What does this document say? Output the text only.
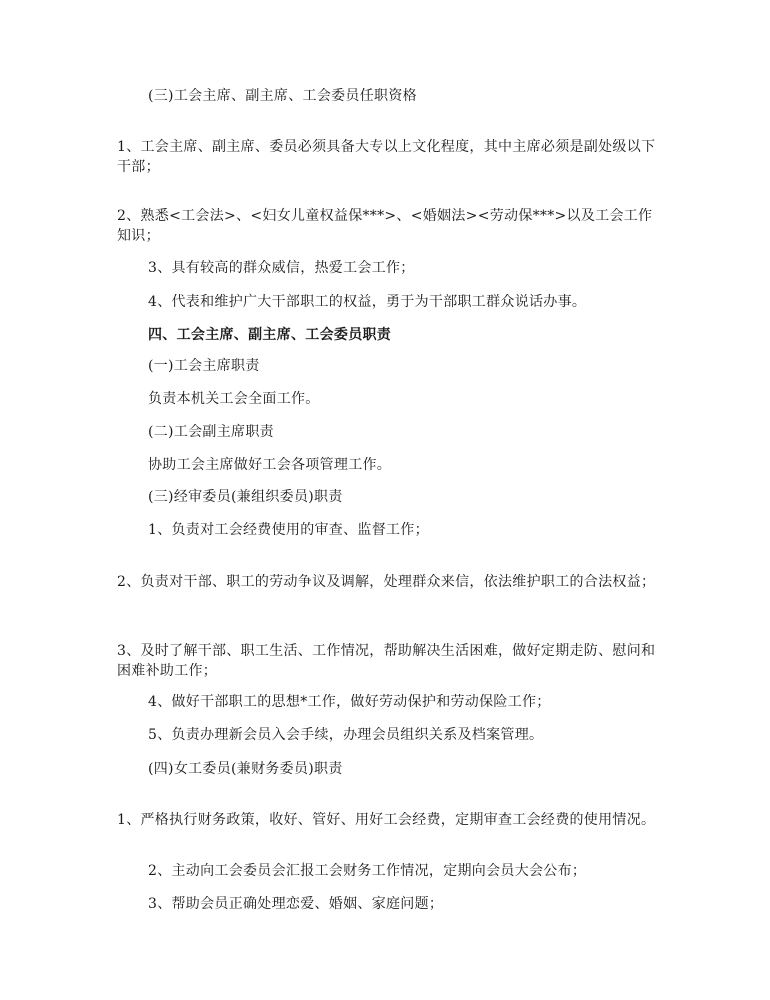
(三)工会主席、副主席、工会委员任职资格
1、工会主席、副主席、委员必须具备大专以上文化程度，其中主席必须是副处级以下干部；
2、熟悉<工会法>、<妇女儿童权益保***>、<婚姻法><劳动保***>以及工会工作知识；
3、具有较高的群众威信，热爱工会工作；
4、代表和维护广大干部职工的权益，勇于为干部职工群众说话办事。
四、工会主席、副主席、工会委员职责
(一)工会主席职责
负责本机关工会全面工作。
(二)工会副主席职责
协助工会主席做好工会各项管理工作。
(三)经审委员(兼组织委员)职责
1、负责对工会经费使用的审查、监督工作；
2、负责对干部、职工的劳动争议及调解，处理群众来信，依法维护职工的合法权益；
3、及时了解干部、职工生活、工作情况，帮助解决生活困难，做好定期走防、慰问和困难补助工作；
4、做好干部职工的思想*工作，做好劳动保护和劳动保险工作；
5、负责办理新会员入会手续，办理会员组织关系及档案管理。
(四)女工委员(兼财务委员)职责
1、严格执行财务政策，收好、管好、用好工会经费，定期审查工会经费的使用情况。
2、主动向工会委员会汇报工会财务工作情况，定期向会员大会公布；
3、帮助会员正确处理恋爱、婚姻、家庭问题；
